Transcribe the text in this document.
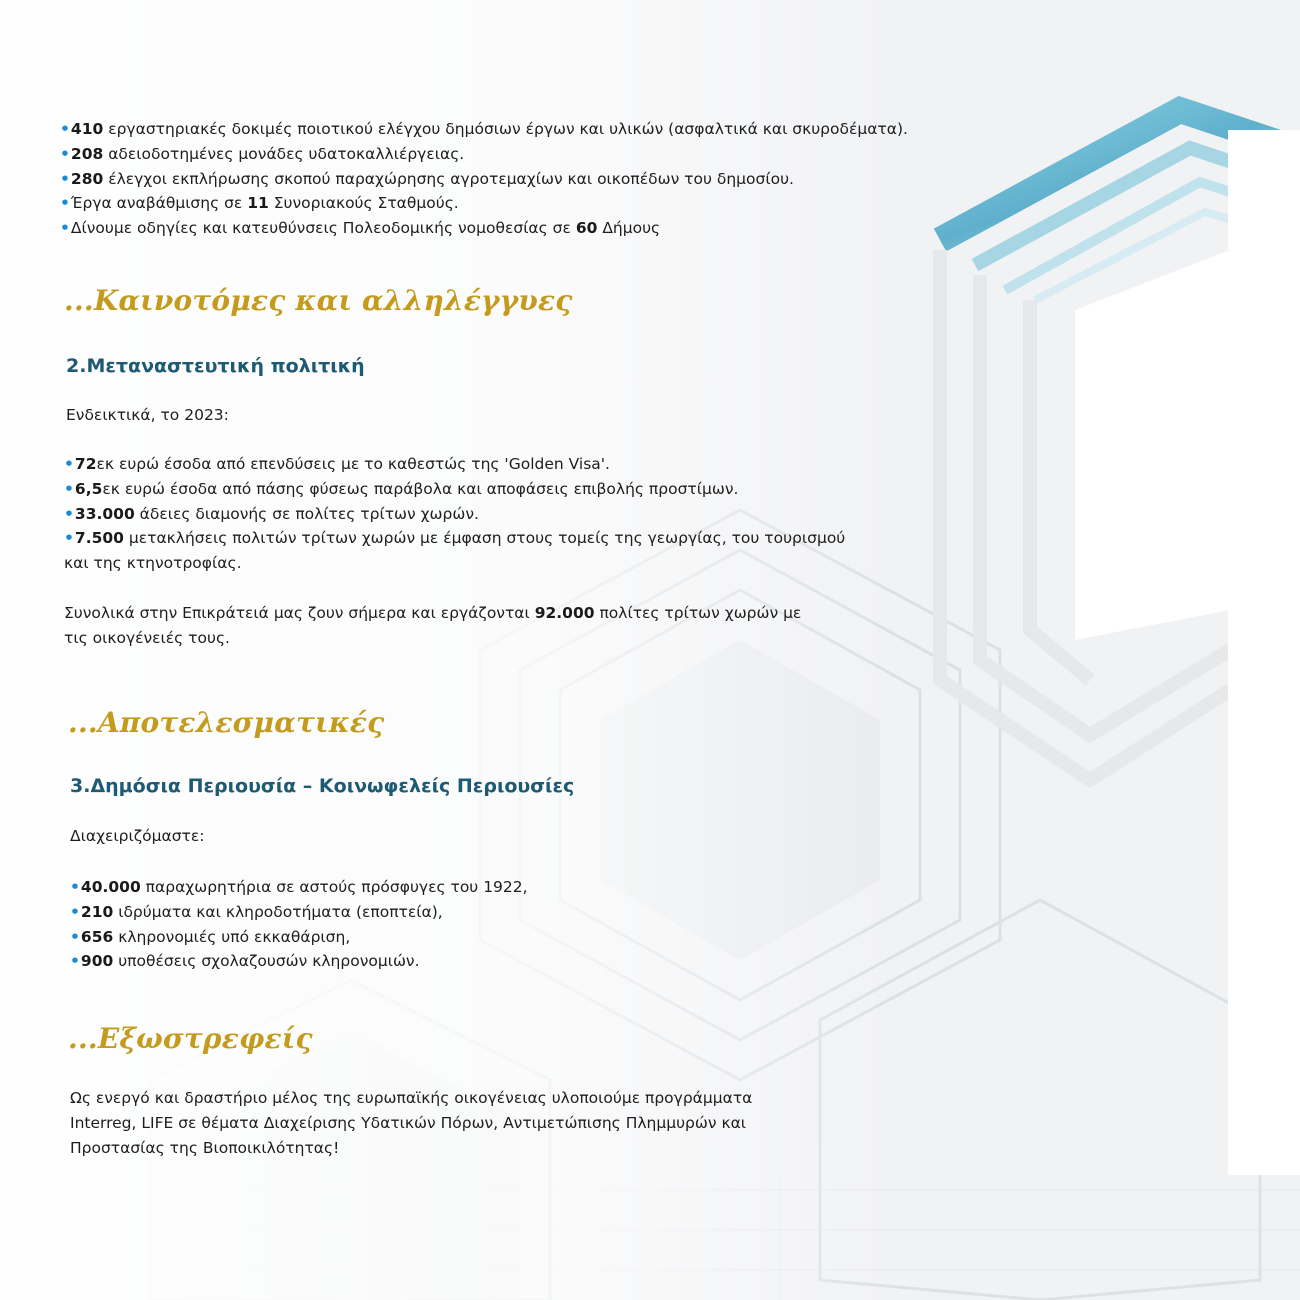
•410 εργαστηριακές δοκιμές ποιοτικού ελέγχου δημόσιων έργων και υλικών (ασφαλτικά και σκυροδέματα).
•208 αδειοδοτημένες μονάδες υδατοκαλλιέργειας.
•280 έλεγχοι εκπλήρωσης σκοπού παραχώρησης αγροτεμαχίων και οικοπέδων του δημοσίου.
•Έργα αναβάθμισης σε 11 Συνοριακούς Σταθμούς.
•Δίνουμε οδηγίες και κατευθύνσεις Πολεοδομικής νομοθεσίας σε 60 Δήμους
...Καινοτόμες και αλληλέγγυες
2.Μεταναστευτική πολιτική

Ενδεικτικά, το 2023:

•72εκ ευρώ έσοδα από επενδύσεις με το καθεστώς της 'Golden Visa'.
•6,5εκ ευρώ έσοδα από πάσης φύσεως παράβολα και αποφάσεις επιβολής προστίμων.
•33.000 άδειες διαμονής σε πολίτες τρίτων χωρών.
•7.500 μετακλήσεις πολιτών τρίτων χωρών με έμφαση στους τομείς της γεωργίας, του τουρισμού και της κτηνοτροφίας.

Συνολικά στην Επικράτειά μας ζουν σήμερα και εργάζονται 92.000 πολίτες τρίτων χωρών με τις οικογένειές τους.

...Αποτελεσματικές
3.Δημόσια Περιουσία – Κοινωφελείς Περιουσίες

Διαχειριζόμαστε:

•40.000 παραχωρητήρια σε αστούς πρόσφυγες του 1922,
•210 ιδρύματα και κληροδοτήματα (εποπτεία),
•656 κληρονομιές υπό εκκαθάριση,
•900 υποθέσεις σχολαζουσών κληρονομιών.
...Εξωστρεφείς

Ως ενεργό και δραστήριο μέλος της ευρωπαϊκής οικογένειας υλοποιούμε προγράμματα Interreg, LIFE σε θέματα Διαχείρισης Υδατικών Πόρων, Αντιμετώπισης Πλημμυρών και Προστασίας της Βιοποικιλότητας!
